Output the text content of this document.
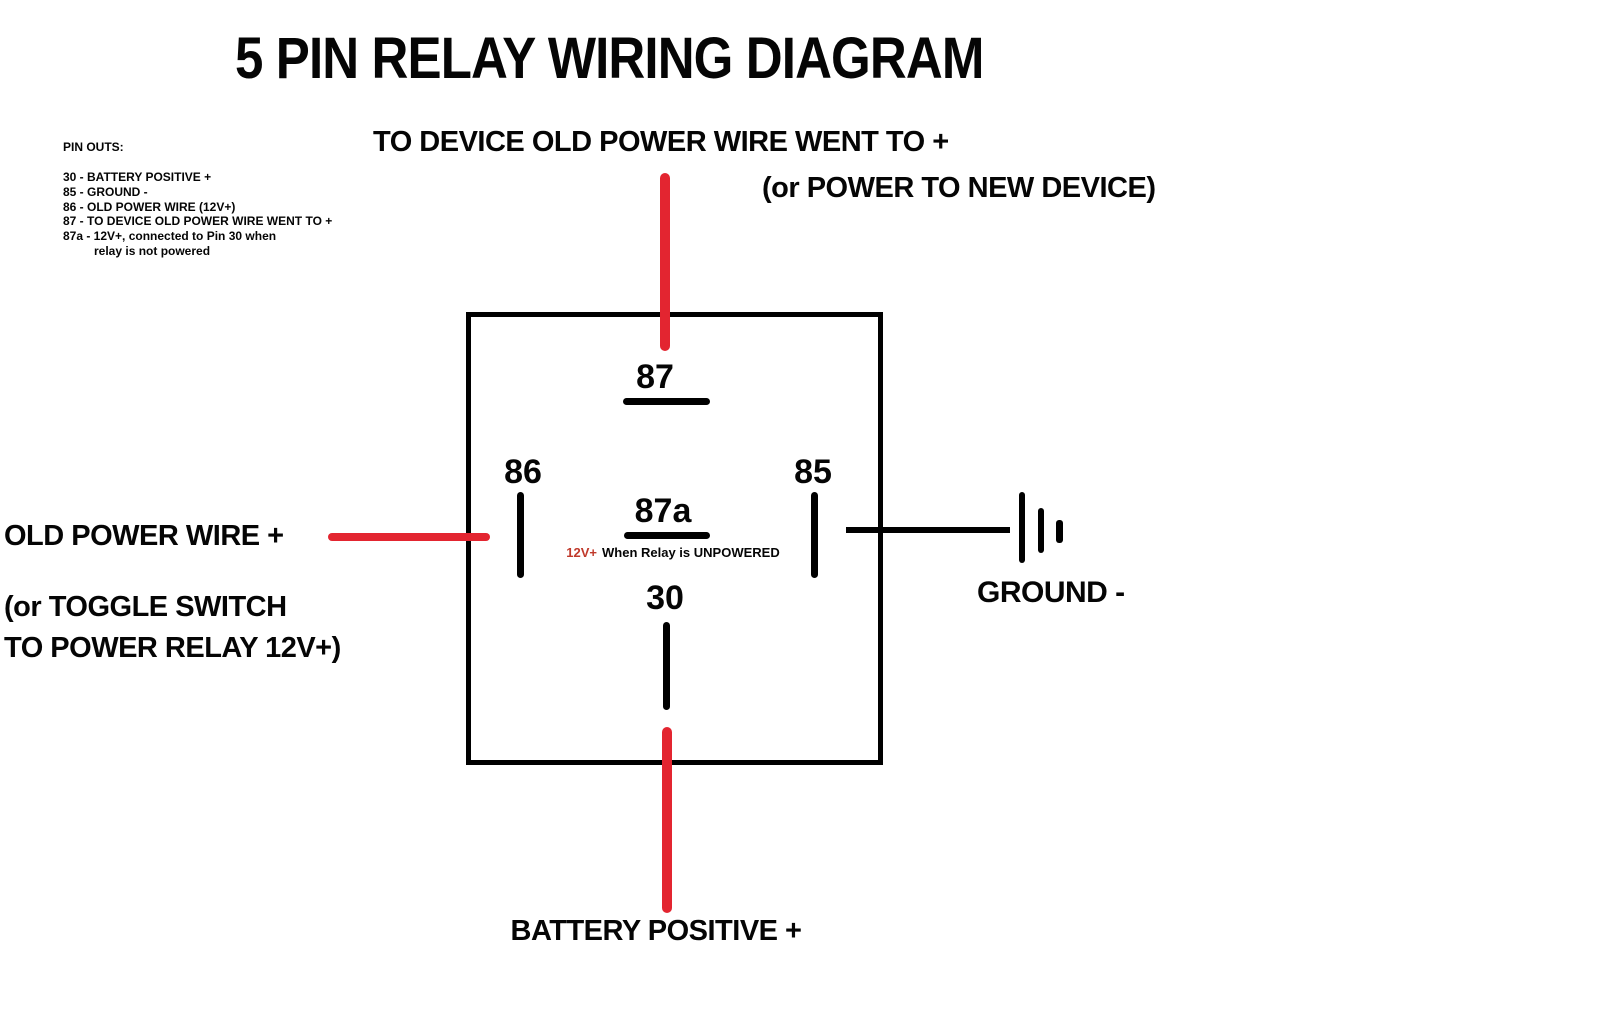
5 PIN RELAY WIRING DIAGRAM
PIN OUTS:
30 - BATTERY POSITIVE +
85 - GROUND -
86 - OLD POWER WIRE (12V+)
87 - TO DEVICE OLD POWER WIRE WENT TO +
87a - 12V+, connected to Pin 30 when
relay is not powered
TO DEVICE OLD POWER WIRE WENT TO +
(or POWER TO NEW DEVICE)
OLD POWER WIRE +
(or TOGGLE SWITCH
TO POWER RELAY 12V+)
87
86	85
87a
12V+ When Relay is UNPOWERED
30	GROUND -
BATTERY POSITIVE +
